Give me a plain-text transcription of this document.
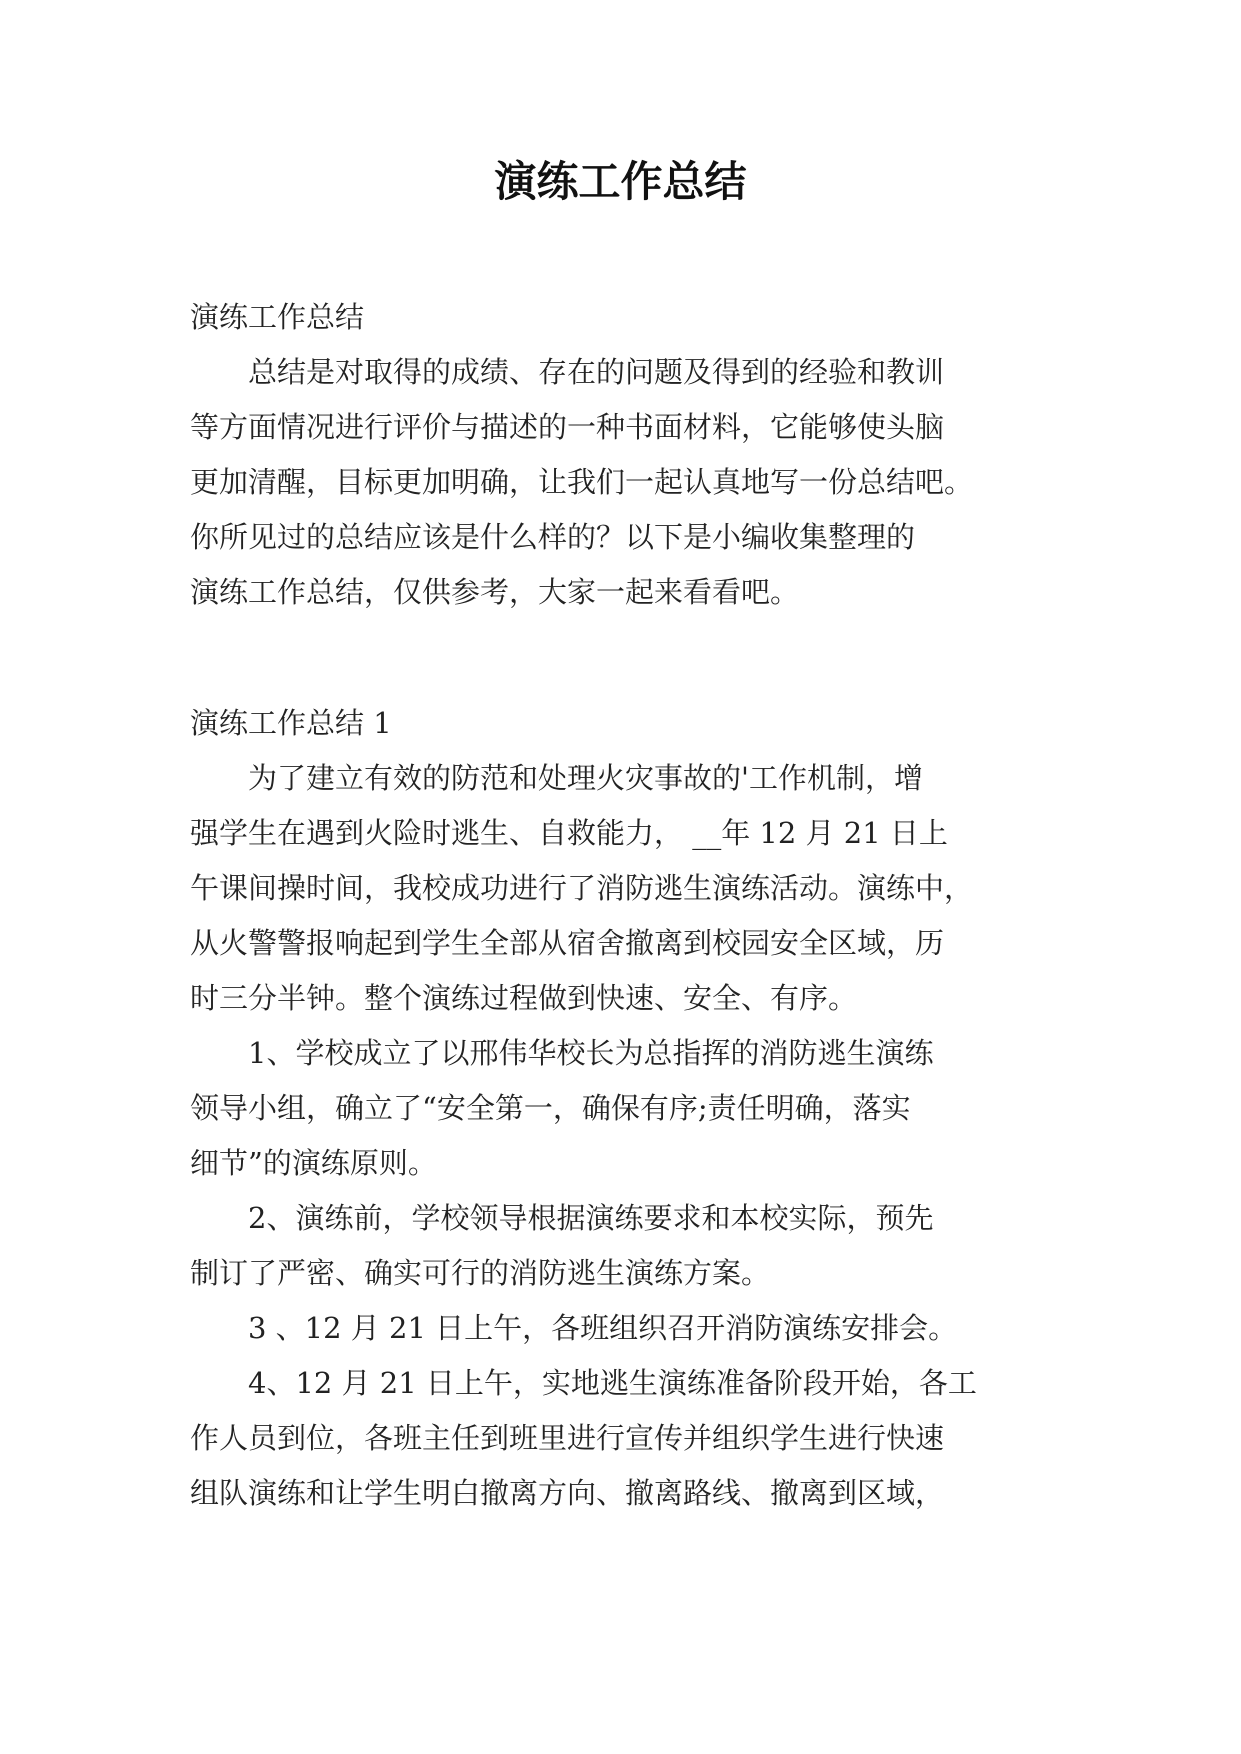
演练工作总结
演练工作总结
　　总结是对取得的成绩、存在的问题及得到的经验和教训
等方面情况进行评价与描述的一种书面材料，它能够使头脑
更加清醒，目标更加明确，让我们一起认真地写一份总结吧。
你所见过的总结应该是什么样的？以下是小编收集整理的
演练工作总结，仅供参考，大家一起来看看吧。
演练工作总结 1
　　为了建立有效的防范和处理火灾事故的'工作机制，增
强学生在遇到火险时逃生、自救能力， __年 12 月 21 日上
午课间操时间，我校成功进行了消防逃生演练活动。演练中，
从火警警报响起到学生全部从宿舍撤离到校园安全区域，历
时三分半钟。整个演练过程做到快速、安全、有序。
　　1、学校成立了以邢伟华校长为总指挥的消防逃生演练
领导小组，确立了“安全第一，确保有序;责任明确，落实
细节”的演练原则。
　　2、演练前，学校领导根据演练要求和本校实际，预先
制订了严密、确实可行的消防逃生演练方案。
　　3 、12 月 21 日上午，各班组织召开消防演练安排会。
　　4、12 月 21 日上午，实地逃生演练准备阶段开始，各工
作人员到位，各班主任到班里进行宣传并组织学生进行快速
组队演练和让学生明白撤离方向、撤离路线、撤离到区域，
